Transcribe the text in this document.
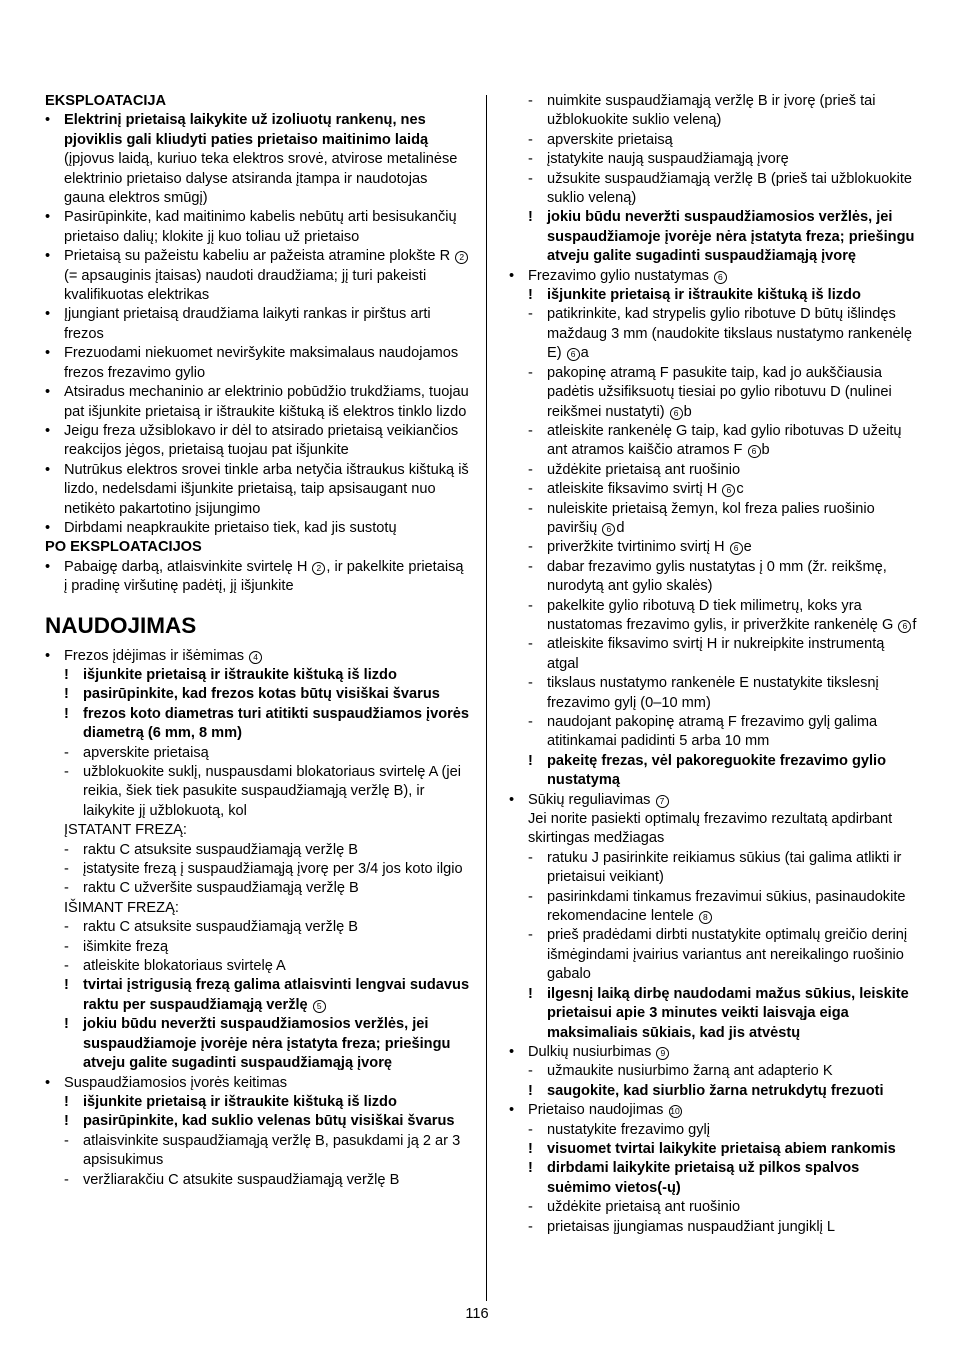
EKSPLOATACIJA
• Elektrinį prietaisą laikykite už izoliuotų rankenų, nes pjoviklis gali kliudyti paties prietaiso maitinimo laidą (įpjovus laidą, kuriuo teka elektros srovė, atvirose metalinėse elektrinio prietaiso dalyse atsiranda įtampa ir naudotojas gauna elektros smūgį)
• Pasirūpinkite, kad maitinimo kabelis nebūtų arti besisukančių prietaiso dalių; klokite jį kuo toliau už prietaiso
• Prietaisą su pažeistu kabeliu ar pažeista atramine plokšte R 2 (= apsauginis įtaisas) naudoti draudžiama; jį turi pakeisti kvalifikuotas elektrikas
• Įjungiant prietaisą draudžiama laikyti rankas ir pirštus arti frezos
• Frezuodami niekuomet neviršykite maksimalaus naudojamos frezos frezavimo gylio
• Atsiradus mechaninio ar elektrinio pobūdžio trukdžiams, tuojau pat išjunkite prietaisą ir ištraukite kištuką iš elektros tinklo lizdo
• Jeigu freza užsiblokavo ir dėl to atsirado prietaisą veikiančios reakcijos jėgos, prietaisą tuojau pat išjunkite
• Nutrūkus elektros srovei tinkle arba netyčia ištraukus kištuką iš lizdo, nedelsdami išjunkite prietaisą, taip apsisaugant nuo netikėto pakartotino įsijungimo
• Dirbdami neapkraukite prietaiso tiek, kad jis sustotų
PO EKSPLOATACIJOS
• Pabaigę darbą, atlaisvinkite svirtelę H 2 , ir pakelkite prietaisą į pradinę viršutinę padėtį, jį išjunkite
NAUDOJIMAS
• Frezos įdėjimas ir išėmimas 4
! išjunkite prietaisą ir ištraukite kištuką iš lizdo
! pasirūpinkite, kad frezos kotas būtų visiškai švarus
! frezos koto diametras turi atitikti suspaudžiamos įvorės diametrą (6 mm, 8 mm)
- apverskite prietaisą
- užblokuokite suklį, nuspausdami blokatoriaus svirtelę A (jei reikia, šiek tiek pasukite suspaudžiamąją veržlę B), ir laikykite jį užblokuotą, kol
ĮSTATANT FREZĄ:
- raktu C atsuksite suspaudžiamąją veržlę B
- įstatysite frezą į suspaudžiamąją įvorę per 3/4 jos koto ilgio
- raktu C užveršite suspaudžiamąją veržlę B
IŠIMANT FREZĄ:
- raktu C atsuksite suspaudžiamąją veržlę B
- išimkite frezą
- atleiskite blokatoriaus svirtelę A
! tvirtai įstrigusią frezą galima atlaisvinti lengvai sudavus raktu per suspaudžiamąją veržlę 5
! jokiu būdu neveržti suspaudžiamosios veržlės, jei suspaudžiamoje įvorėje nėra įstatyta freza; priešingu atveju galite sugadinti suspaudžiamąją įvorę
• Suspaudžiamosios įvorės keitimas
! išjunkite prietaisą ir ištraukite kištuką iš lizdo
! pasirūpinkite, kad suklio velenas būtų visiškai švarus
- atlaisvinkite suspaudžiamąją veržlę B, pasukdami ją 2 ar 3 apsisukimus
- veržliarakčiu C atsukite suspaudžiamąją veržlę B
- nuimkite suspaudžiamąją veržlę B ir įvorę (prieš tai užblokuokite suklio veleną)
- apverskite prietaisą
- įstatykite naują suspaudžiamąją įvorę
- užsukite suspaudžiamąją veržlę B (prieš tai užblokuokite suklio veleną)
! jokiu būdu neveržti suspaudžiamosios veržlės, jei suspaudžiamoje įvorėje nėra įstatyta freza; priešingu atveju galite sugadinti suspaudžiamąją įvorę
• Frezavimo gylio nustatymas 6
! išjunkite prietaisą ir ištraukite kištuką iš lizdo
- patikrinkite, kad strypelis gylio ribotuve D būtų išlindęs maždaug 3 mm (naudokite tikslaus nustatymo rankenėlę E) 6 a
- pakopinę atramą F pasukite taip, kad jo aukščiausia padėtis užsifiksuotų tiesiai po gylio ribotuvu D (nulinei reikšmei nustatyti) 6 b
- atleiskite rankenėlę G taip, kad gylio ribotuvas D užeitų ant atramos kaiščio atramos F 6 b
- uždėkite prietaisą ant ruošinio
- atleiskite fiksavimo svirtį H 6 c
- nuleiskite prietaisą žemyn, kol freza palies ruošinio paviršių 6 d
- priveržkite tvirtinimo svirtį H 6 e
- dabar frezavimo gylis nustatytas į 0 mm (žr. reikšmę, nurodytą ant gylio skalės)
- pakelkite gylio ribotuvą D tiek milimetrų, koks yra nustatomas frezavimo gylis, ir priveržkite rankenėlę G 6 f
- atleiskite fiksavimo svirtį H ir nukreipkite instrumentą atgal
- tikslaus nustatymo rankenėle E nustatykite tikslesnį frezavimo gylį (0–10 mm)
- naudojant pakopinę atramą F frezavimo gylį galima atitinkamai padidinti 5 arba 10 mm
! pakeitę frezas, vėl pakoreguokite frezavimo gylio nustatymą
• Sūkių reguliavimas 7
Jei norite pasiekti optimalų frezavimo rezultatą apdirbant skirtingas medžiagas
- ratuku J pasirinkite reikiamus sūkius (tai galima atlikti ir prietaisui veikiant)
- pasirinkdami tinkamus frezavimui sūkius, pasinaudokite rekomendacine lentele 8
- prieš pradėdami dirbti nustatykite optimalų greičio derinį išmėgindami įvairius variantus ant nereikalingo ruošinio gabalo
! ilgesnį laiką dirbę naudodami mažus sūkius, leiskite prietaisui apie 3 minutes veikti laisvąja eiga maksimaliais sūkiais, kad jis atvėstų
• Dulkių nusiurbimas 9
- užmaukite nusiurbimo žarną ant adapterio K
! saugokite, kad siurblio žarna netrukdytų frezuoti
• Prietaiso naudojimas 10
- nustatykite frezavimo gylį
! visuomet tvirtai laikykite prietaisą abiem rankomis
! dirbdami laikykite prietaisą už pilkos spalvos suėmimo vietos(-ų)
- uždėkite prietaisą ant ruošinio
- prietaisas įjungiamas nuspaudžiant jungiklį L
116
